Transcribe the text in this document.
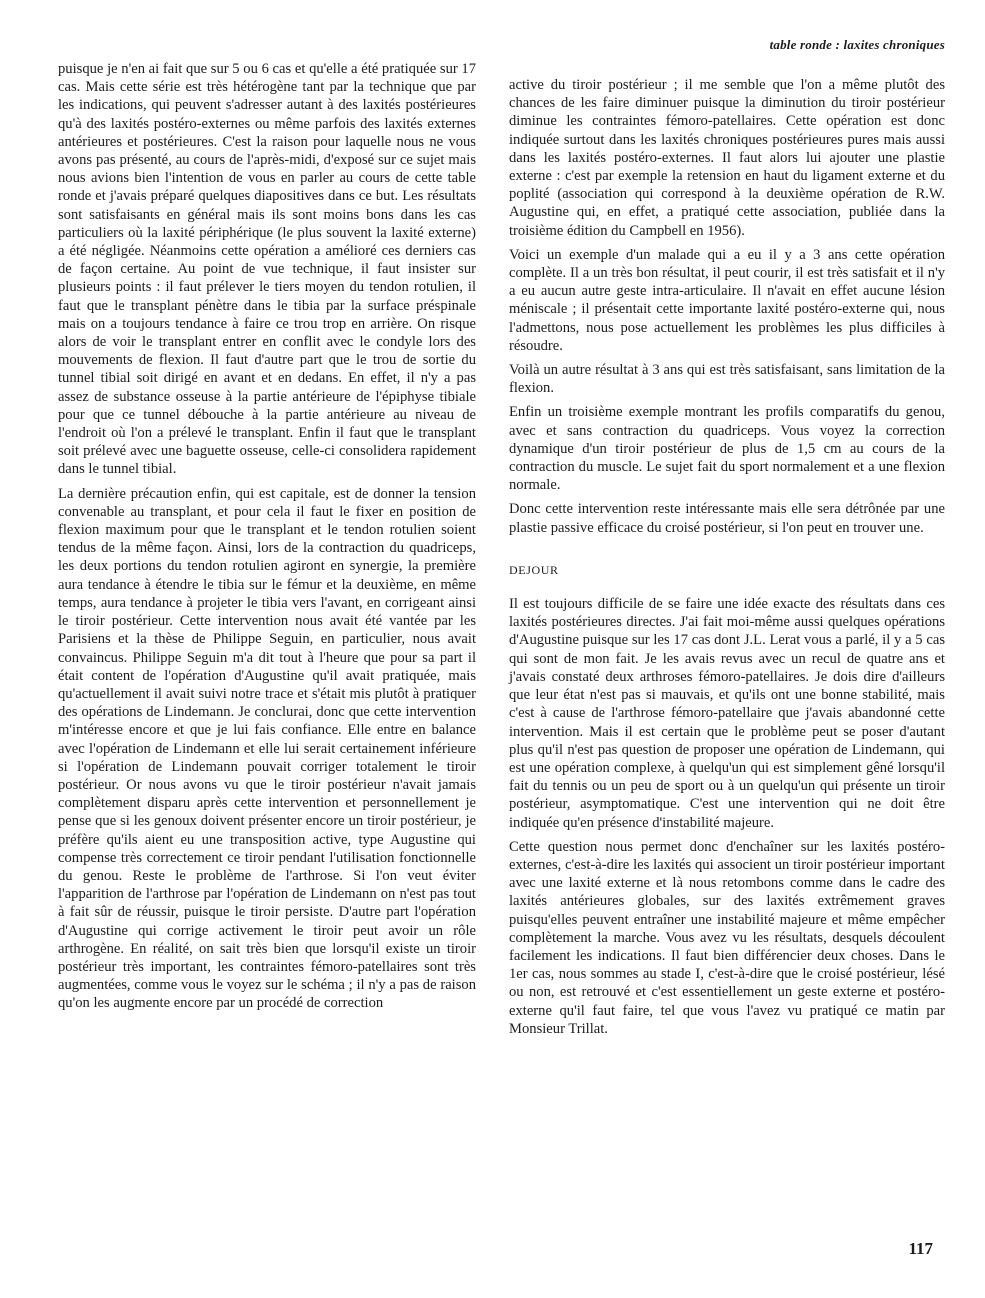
table ronde : laxites chroniques

puisque je n'en ai fait que sur 5 ou 6 cas et qu'elle a été pratiquée sur 17 cas. Mais cette série est très hétérogène tant par la technique que par les indications, qui peuvent s'adresser autant à des laxités postérieures qu'à des laxités postéro-externes ou même parfois des laxités externes antérieures et postérieures. C'est la raison pour laquelle nous ne vous avons pas présenté, au cours de l'après-midi, d'exposé sur ce sujet mais nous avions bien l'intention de vous en parler au cours de cette table ronde et j'avais préparé quelques diapositives dans ce but. Les résultats sont satisfaisants en général mais ils sont moins bons dans les cas particuliers où la laxité périphérique (le plus souvent la laxité externe) a été négligée. Néanmoins cette opération a amélioré ces derniers cas de façon certaine. Au point de vue technique, il faut insister sur plusieurs points : il faut prélever le tiers moyen du tendon rotulien, il faut que le transplant pénètre dans le tibia par la surface préspinale mais on a toujours tendance à faire ce trou trop en arrière. On risque alors de voir le transplant entrer en conflit avec le condyle lors des mouvements de flexion. Il faut d'autre part que le trou de sortie du tunnel tibial soit dirigé en avant et en dedans. En effet, il n'y a pas assez de substance osseuse à la partie antérieure de l'épiphyse tibiale pour que ce tunnel débouche à la partie antérieure au niveau de l'endroit où l'on a prélevé le transplant. Enfin il faut que le transplant soit prélevé avec une baguette osseuse, celle-ci consolidera rapidement dans le tunnel tibial.

La dernière précaution enfin, qui est capitale, est de donner la tension convenable au transplant, et pour cela il faut le fixer en position de flexion maximum pour que le transplant et le tendon rotulien soient tendus de la même façon. Ainsi, lors de la contraction du quadriceps, les deux portions du tendon rotulien agiront en synergie, la première aura tendance à étendre le tibia sur le fémur et la deuxième, en même temps, aura tendance à projeter le tibia vers l'avant, en corrigeant ainsi le tiroir postérieur. Cette intervention nous avait été vantée par les Parisiens et la thèse de Philippe Seguin, en particulier, nous avait convaincus. Philippe Seguin m'a dit tout à l'heure que pour sa part il était content de l'opération d'Augustine qu'il avait pratiquée, mais qu'actuellement il avait suivi notre trace et s'était mis plutôt à pratiquer des opérations de Lindemann. Je conclurai, donc que cette intervention m'intéresse encore et que je lui fais confiance. Elle entre en balance avec l'opération de Lindemann et elle lui serait certainement inférieure si l'opération de Lindemann pouvait corriger totalement le tiroir postérieur. Or nous avons vu que le tiroir postérieur n'avait jamais complètement disparu après cette intervention et personnellement je pense que si les genoux doivent présenter encore un tiroir postérieur, je préfère qu'ils aient eu une transposition active, type Augustine qui compense très correctement ce tiroir pendant l'utilisation fonctionnelle du genou. Reste le problème de l'arthrose. Si l'on veut éviter l'apparition de l'arthrose par l'opération de Lindemann on n'est pas tout à fait sûr de réussir, puisque le tiroir persiste. D'autre part l'opération d'Augustine qui corrige activement le tiroir peut avoir un rôle arthrogène. En réalité, on sait très bien que lorsqu'il existe un tiroir postérieur très important, les contraintes fémoro-patellaires sont très augmentées, comme vous le voyez sur le schéma ; il n'y a pas de raison qu'on les augmente encore par un procédé de correction

active du tiroir postérieur ; il me semble que l'on a même plutôt des chances de les faire diminuer puisque la diminution du tiroir postérieur diminue les contraintes fémoro-patellaires. Cette opération est donc indiquée surtout dans les laxités chroniques postérieures pures mais aussi dans les laxités postéro-externes. Il faut alors lui ajouter une plastie externe : c'est par exemple la retension en haut du ligament externe et du poplité (association qui correspond à la deuxième opération de R.W. Augustine qui, en effet, a pratiqué cette association, publiée dans la troisième édition du Campbell en 1956).

Voici un exemple d'un malade qui a eu il y a 3 ans cette opération complète. Il a un très bon résultat, il peut courir, il est très satisfait et il n'y a eu aucun autre geste intra-articulaire. Il n'avait en effet aucune lésion méniscale ; il présentait cette importante laxité postéro-externe qui, nous l'admettons, nous pose actuellement les problèmes les plus difficiles à résoudre.

Voilà un autre résultat à 3 ans qui est très satisfaisant, sans limitation de la flexion.

Enfin un troisième exemple montrant les profils comparatifs du genou, avec et sans contraction du quadriceps. Vous voyez la correction dynamique d'un tiroir postérieur de plus de 1,5 cm au cours de la contraction du muscle. Le sujet fait du sport normalement et a une flexion normale.

Donc cette intervention reste intéressante mais elle sera détrônée par une plastie passive efficace du croisé postérieur, si l'on peut en trouver une.

DEJOUR

Il est toujours difficile de se faire une idée exacte des résultats dans ces laxités postérieures directes. J'ai fait moi-même aussi quelques opérations d'Augustine puisque sur les 17 cas dont J.L. Lerat vous a parlé, il y a 5 cas qui sont de mon fait. Je les avais revus avec un recul de quatre ans et j'avais constaté deux arthroses fémoro-patellaires. Je dois dire d'ailleurs que leur état n'est pas si mauvais, et qu'ils ont une bonne stabilité, mais c'est à cause de l'arthrose fémoro-patellaire que j'avais abandonné cette intervention. Mais il est certain que le problème peut se poser d'autant plus qu'il n'est pas question de proposer une opération de Lindemann, qui est une opération complexe, à quelqu'un qui est simplement gêné lorsqu'il fait du tennis ou un peu de sport ou à un quelqu'un qui présente un tiroir postérieur, asymptomatique. C'est une intervention qui ne doit être indiquée qu'en présence d'instabilité majeure.

Cette question nous permet donc d'enchaîner sur les laxités postéro-externes, c'est-à-dire les laxités qui associent un tiroir postérieur important avec une laxité externe et là nous retombons comme dans le cadre des laxités antérieures globales, sur des laxités extrêmement graves puisqu'elles peuvent entraîner une instabilité majeure et même empêcher complètement la marche. Vous avez vu les résultats, desquels découlent facilement les indications. Il faut bien différencier deux choses. Dans le 1er cas, nous sommes au stade I, c'est-à-dire que le croisé postérieur, lésé ou non, est retrouvé et c'est essentiellement un geste externe et postéro-externe qu'il faut faire, tel que vous l'avez vu pratiqué ce matin par Monsieur Trillat.

117
